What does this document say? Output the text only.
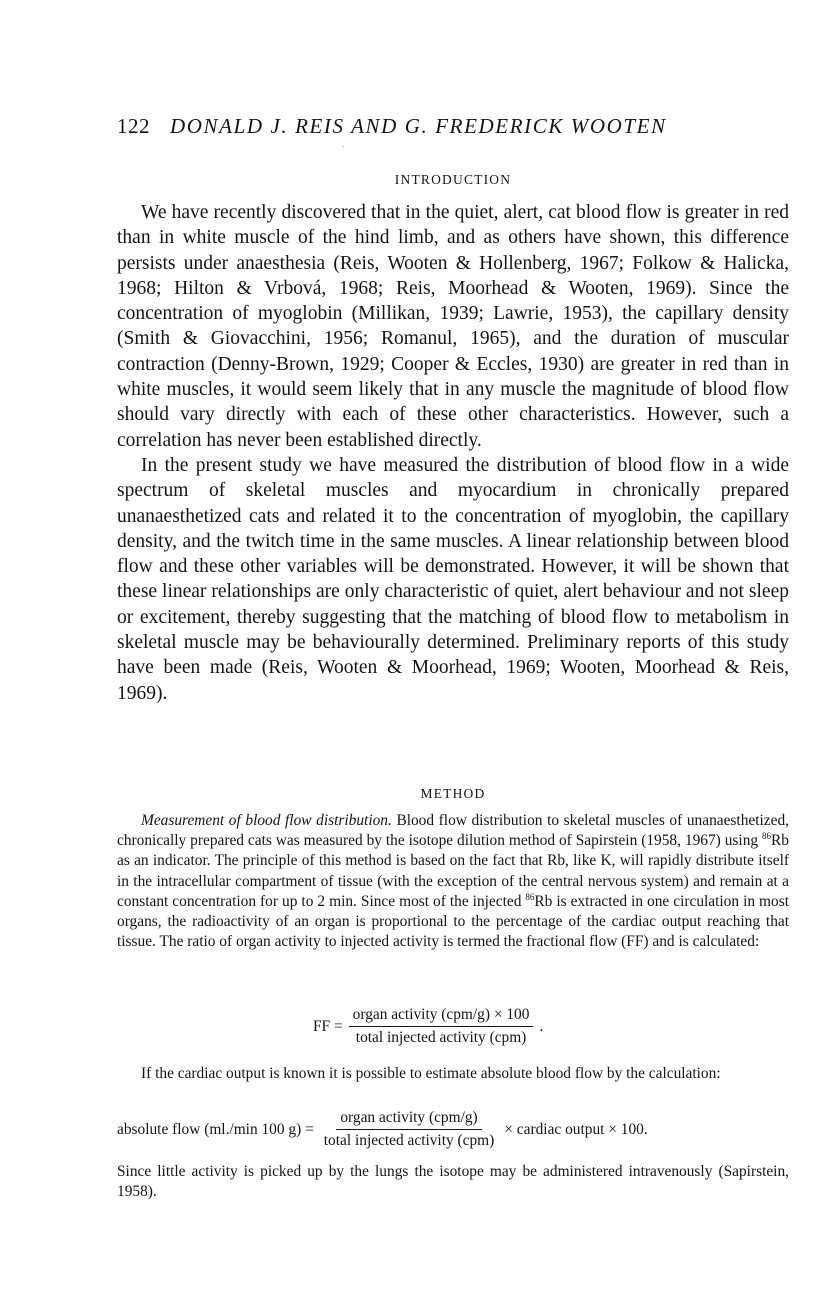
122 DONALD J. REIS AND G. FREDERICK WOOTEN
INTRODUCTION

We have recently discovered that in the quiet, alert, cat blood flow is greater in red than in white muscle of the hind limb, and as others have shown, this difference persists under anaesthesia (Reis, Wooten & Hollenberg, 1967; Folkow & Halicka, 1968; Hilton & Vrbová, 1968; Reis, Moorhead & Wooten, 1969). Since the concentration of myoglobin (Millikan, 1939; Lawrie, 1953), the capillary density (Smith & Giovacchini, 1956; Romanul, 1965), and the duration of muscular contraction (Denny-Brown, 1929; Cooper & Eccles, 1930) are greater in red than in white muscles, it would seem likely that in any muscle the magnitude of blood flow should vary directly with each of these other characteristics. However, such a correlation has never been established directly.

In the present study we have measured the distribution of blood flow in a wide spectrum of skeletal muscles and myocardium in chronically prepared unanaesthetized cats and related it to the concentration of myoglobin, the capillary density, and the twitch time in the same muscles. A linear relationship between blood flow and these other variables will be demonstrated. However, it will be shown that these linear relationships are only characteristic of quiet, alert behaviour and not sleep or excitement, thereby suggesting that the matching of blood flow to metabolism in skeletal muscle may be behaviourally determined. Preliminary reports of this study have been made (Reis, Wooten & Moorhead, 1969; Wooten, Moorhead & Reis, 1969).

METHOD

Measurement of blood flow distribution. Blood flow distribution to skeletal muscles of unanaesthetized, chronically prepared cats was measured by the isotope dilution method of Sapirstein (1958, 1967) using $^{86}$Rb as an indicator. The principle of this method is based on the fact that Rb, like K, will rapidly distribute itself in the intracellular compartment of tissue (with the exception of the central nervous system) and remain at a constant concentration for up to 2 min. Since most of the injected $^{86}$Rb is extracted in one circulation in most organs, the radioactivity of an organ is proportional to the percentage of the cardiac output reaching that tissue. The ratio of organ activity to injected activity is termed the fractional flow (FF) and is calculated:

FF = $\frac{\text{organ activity (cpm/g) × 100}}{\text{total injected activity (cpm)}}$ .

If the cardiac output is known it is possible to estimate absolute blood flow by the calculation:

absolute flow (ml./min 100 $g) = \frac{\text{organ activity (cpm/g)}}{\text{total injected activity (cpm)}}$ × cardiac output × 100.

Since little activity is picked up by the lungs the isotope may be administered intravenously (Sapirstein, 1958).
